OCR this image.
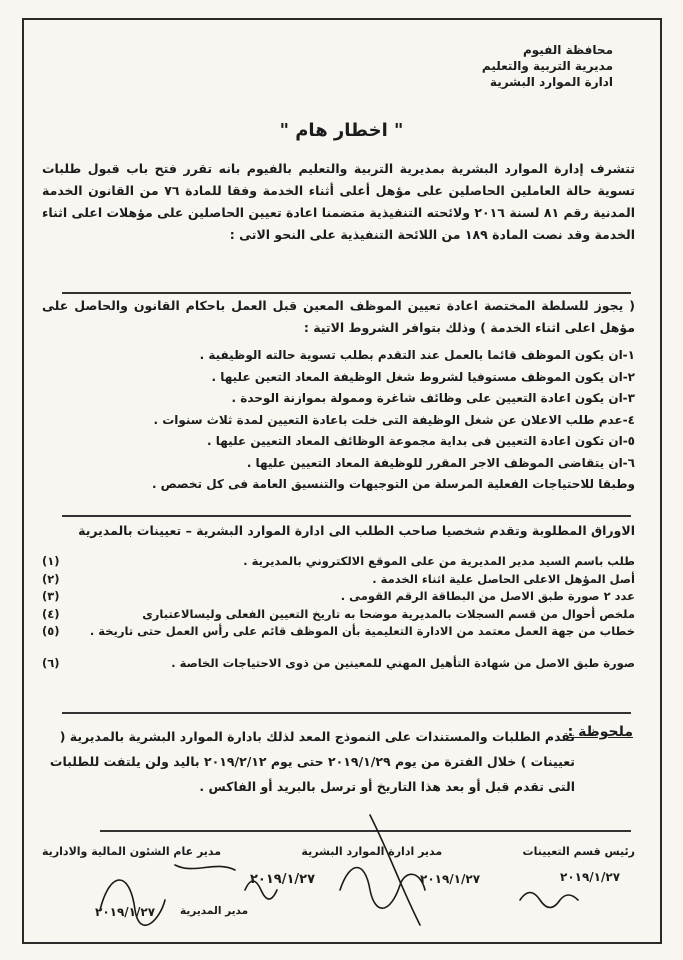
محافظة الفيوم
مديرية التربية والتعليم
ادارة الموارد البشرية
" اخطار هام "
تتشرف إدارة الموارد البشرية بمديرية التربية والتعليم بالفيوم بانه تقرر فتح باب قبول طلبات تسوية حالة العاملين الحاصلين على مؤهل أعلى أثناء الخدمة وفقا للمادة ٧٦ من القانون الخدمة المدنية رقم ٨١ لسنة ٢٠١٦ ولائحته التنفيذية متضمنا اعادة تعيين الحاصلين على مؤهلات اعلى اثناء الخدمة وقد نصت المادة ١٨٩ من اللائحة التنفيذية على النحو الاتى :
( يجوز للسلطة المختصة اعادة تعيين الموظف المعين قبل العمل باحكام القانون والحاصل على مؤهل اعلى اثناء الخدمة ) وذلك بتوافر الشروط الاتية :
١-ان يكون الموظف قائما بالعمل عند التقدم بطلب تسوية حالته الوظيفية .
٢-ان يكون الموظف مستوفيا لشروط شغل الوظيفة المعاد التعين عليها .
٣-ان يكون اعادة التعيين على وظائف شاغرة وممولة بموازنة الوحدة .
٤-عدم طلب الاعلان عن شغل الوظيفة التى خلت باعادة التعيين لمدة ثلاث سنوات .
٥-ان تكون اعادة التعيين فى بداية مجموعة الوظائف المعاد التعيين عليها .
٦-ان يتقاضى الموظف الاجر المقرر للوظيفة المعاد التعيين عليها .
وطبقا للاحتياجات الفعلية المرسلة من التوجيهات والتنسيق العامة فى كل تخصص .
الاوراق المطلوبة وتقدم شخصيا صاحب الطلب الى ادارة الموارد البشرية – تعيينات بالمديرية
طلب باسم السيد مدير المديرية من على الموقع الالكتروني بالمديرية .
(١)
أصل المؤهل الاعلى الحاصل علية اثناء الخدمة .
(٢)
عدد ٢ صورة طبق الاصل من البطاقة الرقم القومى .
(٣)
ملخص أحوال من قسم السجلات بالمديرية موضحا به تاريخ التعيين الفعلى وليسالاعتبارى
(٤)
خطاب من جهة العمل معتمد من الادارة التعليمية بأن الموظف قائم على رأس العمل حتى تاريخة .
(٥)
صورة طبق الاصل من شهادة التأهيل المهني للمعينين من ذوى الاحتياجات الخاصة .
(٦)
ملحوظة :
تقدم الطلبات والمستندات على النموذج المعد لذلك بادارة الموارد البشرية بالمديرية ( تعيينات ) خلال الفترة من يوم ٢٠١٩/١/٢٩ حتى يوم ٢٠١٩/٢/١٢ باليد ولن يلتفت للطلبات التى تقدم قبل أو بعد هذا التاريخ أو ترسل بالبريد أو الفاكس .
رئيس قسم التعيينات
مدير ادارة الموارد البشرية
مدير عام الشئون المالية والادارية
٢٠١٩/١/٢٧
٢٠١٩/١/٢٧
٢٠١٩/١/٢٧
٢٠١٩/١/٢٧ مدير المديرية
